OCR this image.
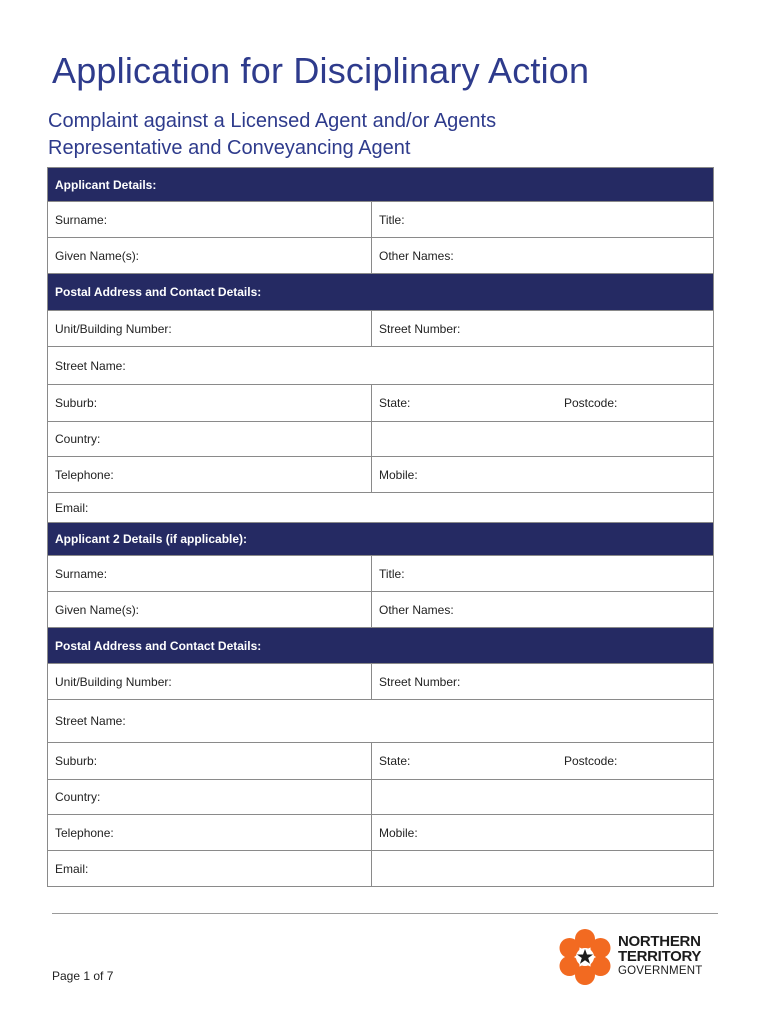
Application for Disciplinary Action
Complaint against a Licensed Agent and/or Agents
Representative and Conveyancing Agent
Applicant Details:	
Surname:	Title:
Given Name(s):	Other Names:
Postal Address and Contact Details:	
Unit/Building Number:	Street Number:
Street Name:	
Suburb:	State: Postcode:
Country:	
Telephone:	Mobile:
Email:	
Applicant 2 Details (if applicable):	
Surname:	Title:
Given Name(s):	Other Names:
Postal Address and Contact Details:	
Unit/Building Number:	Street Number:
Street Name:	
Suburb:	State: Postcode:
Country:	
Telephone:	Mobile:
Email:	
Page 1 of 7
NORTHERN
TERRITORY
GOVERNMENT
